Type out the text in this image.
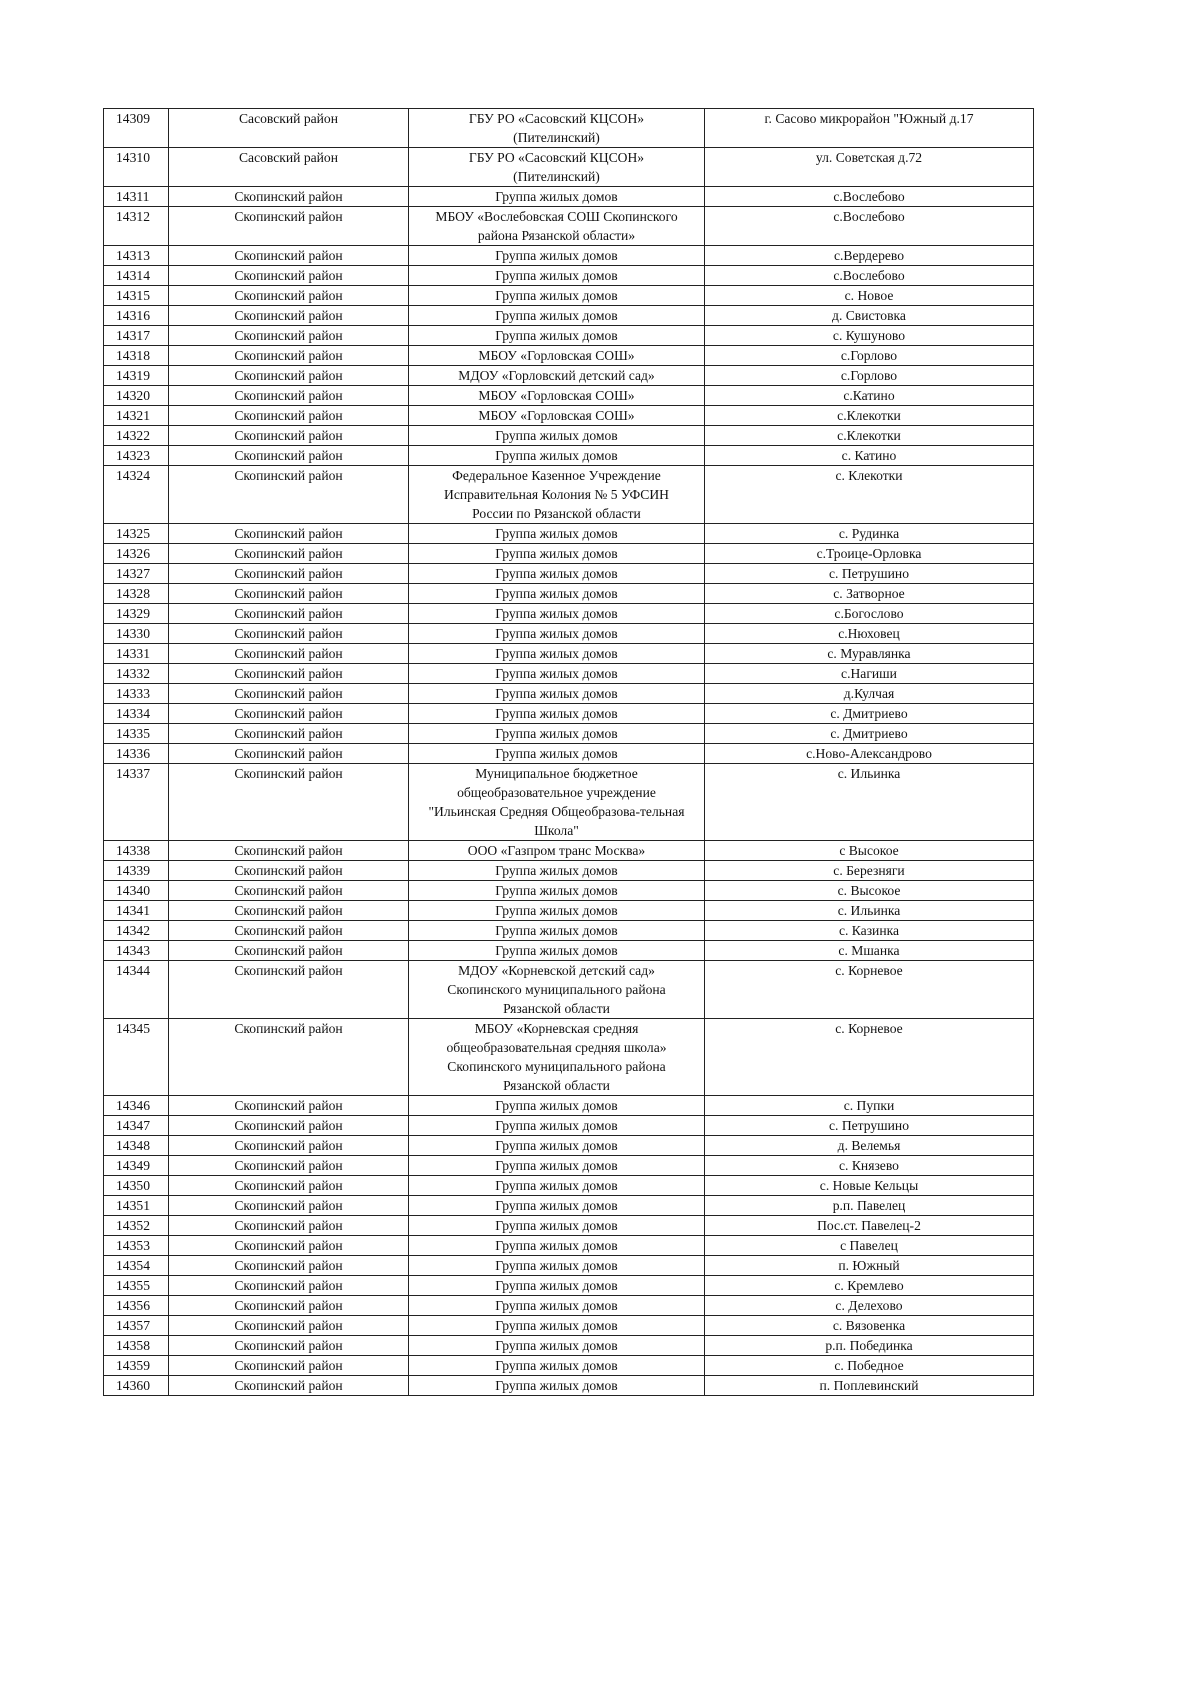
14309	Сасовский район	ГБУ РО «Сасовский КЦСОН»
(Пителинский)	г. Сасово микрорайон "Южный д.17
14310	Сасовский район	ГБУ РО «Сасовский КЦСОН»
(Пителинский)	ул. Советская д.72
14311	Скопинский район	Группа жилых домов	с.Вослебово
14312	Скопинский район	МБОУ «Вослебовская СОШ Скопинского
района Рязанской области»	с.Вослебово
14313	Скопинский район	Группа жилых домов	с.Вердерево
14314	Скопинский район	Группа жилых домов	с.Вослебово
14315	Скопинский район	Группа жилых домов	с. Новое
14316	Скопинский район	Группа жилых домов	д. Свистовка
14317	Скопинский район	Группа жилых домов	с. Кушуново
14318	Скопинский район	МБОУ «Горловская СОШ»	с.Горлово
14319	Скопинский район	МДОУ «Горловский детский сад»	с.Горлово
14320	Скопинский район	МБОУ «Горловская СОШ»	с.Катино
14321	Скопинский район	МБОУ «Горловская СОШ»	с.Клекотки
14322	Скопинский район	Группа жилых домов	с.Клекотки
14323	Скопинский район	Группа жилых домов	с. Катино
14324	Скопинский район	Федеральное Казенное Учреждение
Исправительная Колония № 5 УФСИН
России по Рязанской области	с. Клекотки
14325	Скопинский район	Группа жилых домов	с. Рудинка
14326	Скопинский район	Группа жилых домов	с.Троице-Орловка
14327	Скопинский район	Группа жилых домов	с. Петрушино
14328	Скопинский район	Группа жилых домов	с. Затворное
14329	Скопинский район	Группа жилых домов	с.Богослово
14330	Скопинский район	Группа жилых домов	с.Нюховец
14331	Скопинский район	Группа жилых домов	с. Муравлянка
14332	Скопинский район	Группа жилых домов	с.Нагиши
14333	Скопинский район	Группа жилых домов	д.Кулчая
14334	Скопинский район	Группа жилых домов	с. Дмитриево
14335	Скопинский район	Группа жилых домов	с. Дмитриево
14336	Скопинский район	Группа жилых домов	с.Ново-Александрово
14337	Скопинский район	Муниципальное бюджетное
общеобразовательное учреждение
"Ильинская Средняя Общеобразова-тельная
Школа"	с. Ильинка
14338	Скопинский район	ООО «Газпром транс Москва»	с Высокое
14339	Скопинский район	Группа жилых домов	с. Березняги
14340	Скопинский район	Группа жилых домов	с. Высокое
14341	Скопинский район	Группа жилых домов	с. Ильинка
14342	Скопинский район	Группа жилых домов	с. Казинка
14343	Скопинский район	Группа жилых домов	с. Мшанка
14344	Скопинский район	МДОУ «Корневской детский сад»
Скопинского муниципального района
Рязанской области	с. Корневое
14345	Скопинский район	МБОУ «Корневская средняя
общеобразовательная средняя школа»
Скопинского муниципального района
Рязанской области	с. Корневое
14346	Скопинский район	Группа жилых домов	с. Пупки
14347	Скопинский район	Группа жилых домов	с. Петрушино
14348	Скопинский район	Группа жилых домов	д. Велемья
14349	Скопинский район	Группа жилых домов	с. Князево
14350	Скопинский район	Группа жилых домов	с. Новые Кельцы
14351	Скопинский район	Группа жилых домов	р.п. Павелец
14352	Скопинский район	Группа жилых домов	Пос.ст. Павелец-2
14353	Скопинский район	Группа жилых домов	с Павелец
14354	Скопинский район	Группа жилых домов	п. Южный
14355	Скопинский район	Группа жилых домов	с. Кремлево
14356	Скопинский район	Группа жилых домов	с. Делехово
14357	Скопинский район	Группа жилых домов	с. Вязовенка
14358	Скопинский район	Группа жилых домов	р.п. Побединка
14359	Скопинский район	Группа жилых домов	с. Победное
14360	Скопинский район	Группа жилых домов	п. Поплевинский
